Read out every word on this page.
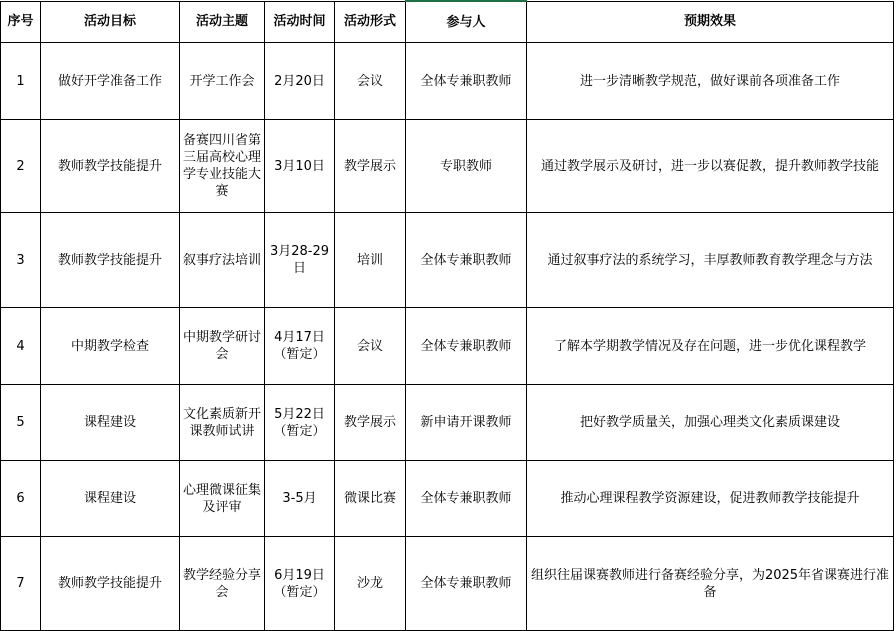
序号	活动目标	活动主题	活动时间	活动形式	参与人	预期效果
1	做好开学准备工作	开学工作会	2月20日	会议	全体专兼职教师	进一步清晰教学规范，做好课前各项准备工作
2	教师教学技能提升	备赛四川省第三届高校心理学专业技能大赛	3月10日	教学展示	专职教师	通过教学展示及研讨，进一步以赛促教，提升教师教学技能
3	教师教学技能提升	叙事疗法培训	3月28-29日	培训	全体专兼职教师	通过叙事疗法的系统学习，丰厚教师教育教学理念与方法
4	中期教学检查	中期教学研讨会	4月17日（暂定）	会议	全体专兼职教师	了解本学期教学情况及存在问题，进一步优化课程教学
5	课程建设	文化素质新开课教师试讲	5月22日（暂定）	教学展示	新申请开课教师	把好教学质量关，加强心理类文化素质课建设
6	课程建设	心理微课征集及评审	3-5月	微课比赛	全体专兼职教师	推动心理课程教学资源建设，促进教师教学技能提升
7	教师教学技能提升	教学经验分享会	6月19日（暂定）	沙龙	全体专兼职教师	组织往届课赛教师进行备赛经验分享，为2025年省课赛进行准备
